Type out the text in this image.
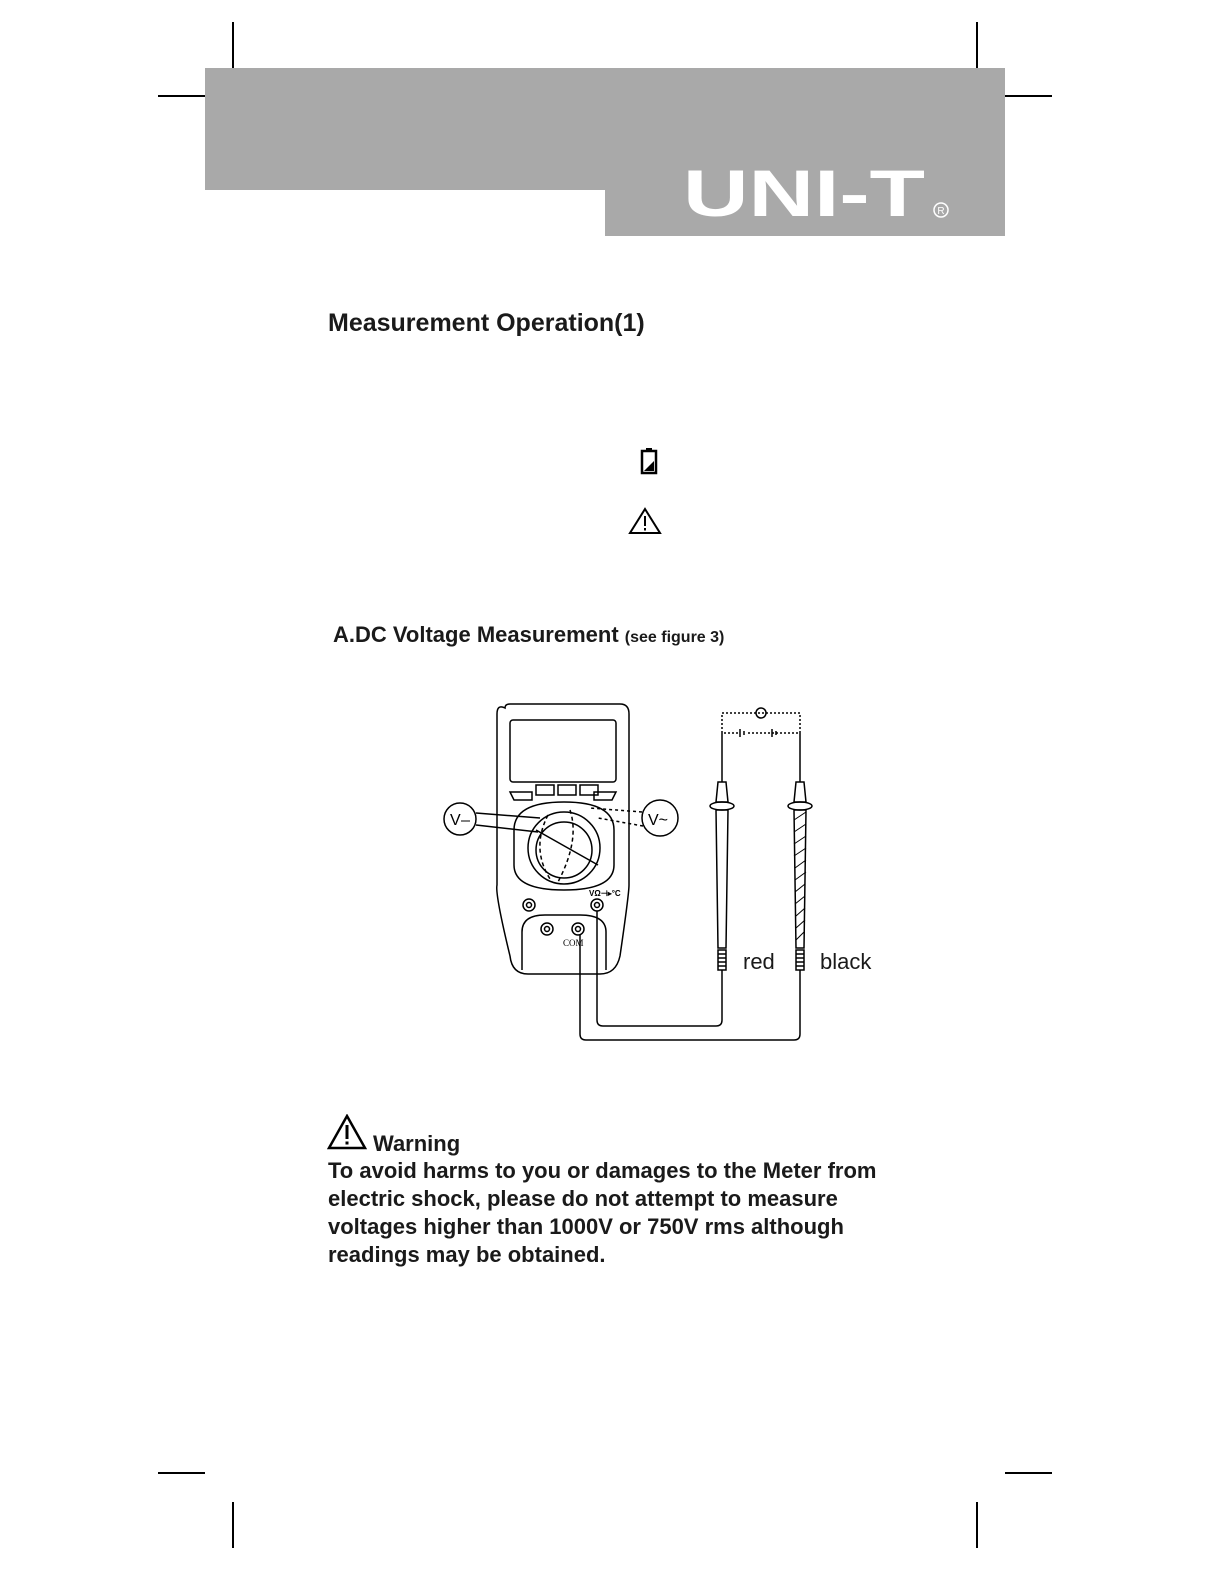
UNI-T R
Measurement Operation(1)
A.DC Voltage Measurement (see figure 3)
VΩ⊣▸°C
COM
V	V~
red black
Warning
To avoid harms to you or damages to the Meter from electric shock, please do not attempt to measure voltages higher than 1000V or 750V rms although readings may be obtained.
